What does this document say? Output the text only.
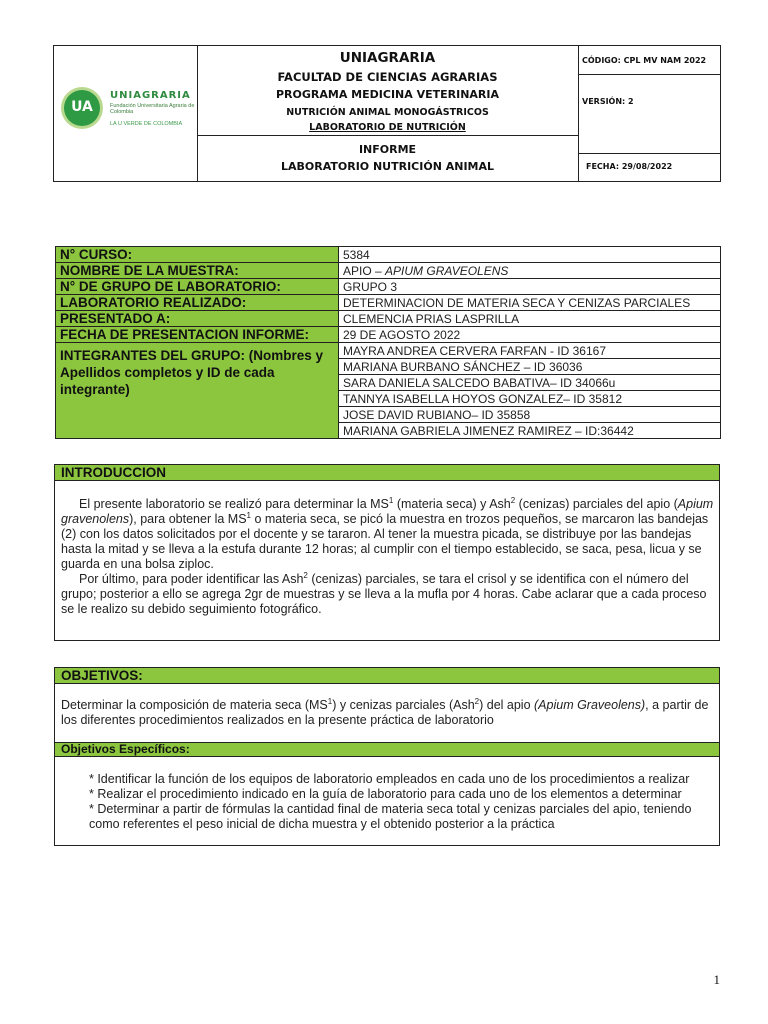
UA
UNIAGRARIA
Fundación Universitaria Agraria de Colombia
LA U VERDE DE COLOMBIA
UNIAGRARIA
FACULTAD DE CIENCIAS AGRARIAS
PROGRAMA MEDICINA VETERINARIA
NUTRICIÓN ANIMAL MONOGÁSTRICOS
LABORATORIO DE NUTRICIÓN
INFORME
LABORATORIO NUTRICIÓN ANIMAL
CÓDIGO: CPL MV NAM 2022
VERSIÓN: 2
FECHA: 29/08/2022
N° CURSO:	5384
NOMBRE DE LA MUESTRA:	APIO – APIUM GRAVEOLENS
N° DE GRUPO DE LABORATORIO:	GRUPO 3
LABORATORIO REALIZADO:	DETERMINACION DE MATERIA SECA Y CENIZAS PARCIALES
PRESENTADO A:	CLEMENCIA PRIAS LASPRILLA
FECHA DE PRESENTACION INFORME:	29 DE AGOSTO 2022
INTEGRANTES DEL GRUPO: (Nombres y Apellidos completos y ID de cada integrante)	MAYRA ANDREA CERVERA FARFAN - ID 36167
	MARIANA BURBANO SÁNCHEZ – ID 36036
	SARA DANIELA SALCEDO BABATIVA– ID 34066u
	TANNYA ISABELLA HOYOS GONZALEZ– ID 35812
	JOSE DAVID RUBIANO– ID 35858
	MARIANA GABRIELA JIMENEZ RAMIREZ – ID:36442
INTRODUCCION
El presente laboratorio se realizó para determinar la $MS^1$ (materia seca) y Ash$^2$ (cenizas) parciales del apio (Apium gravenolens), para obtener la $MS^1$ o materia seca, se picó la muestra en trozos pequeños, se marcaron las bandejas (2) con los datos solicitados por el docente y se tararon. Al tener la muestra picada, se distribuye por las bandejas hasta la mitad y se lleva a la estufa durante 12 horas; al cumplir con el tiempo establecido, se saca, pesa, licua y se guarda en una bolsa ziploc.
Por último, para poder identificar las Ash$^2$ (cenizas) parciales, se tara el crisol y se identifica con el número del grupo; posterior a ello se agrega 2gr de muestras y se lleva a la mufla por 4 horas. Cabe aclarar que a cada proceso se le realizo su debido seguimiento fotográfico.
OBJETIVOS:
Determinar la composición de materia seca $(MS^1)$ y cenizas parciales (Ash$^2$) del apio (Apium Graveolens), a partir de los diferentes procedimientos realizados en la presente práctica de laboratorio
Objetivos Específicos:
* Identificar la función de los equipos de laboratorio empleados en cada uno de los procedimientos a realizar
* Realizar el procedimiento indicado en la guía de laboratorio para cada uno de los elementos a determinar
* Determinar a partir de fórmulas la cantidad final de materia seca total y cenizas parciales del apio, teniendo como referentes el peso inicial de dicha muestra y el obtenido posterior a la práctica
1
